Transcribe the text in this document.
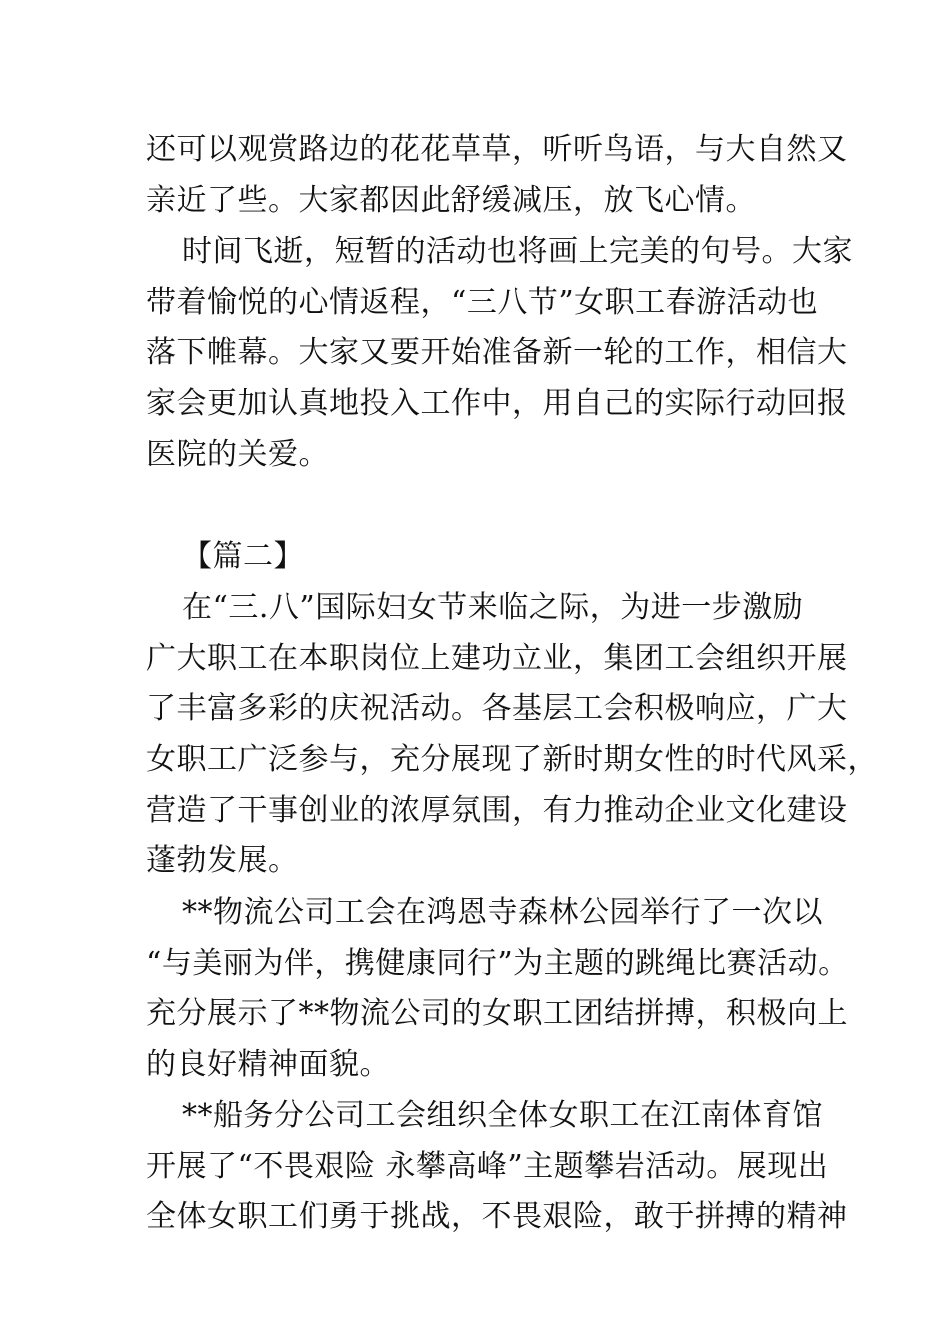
还可以观赏路边的花花草草，听听鸟语，与大自然又
亲近了些。大家都因此舒缓减压，放飞心情。
时间飞逝，短暂的活动也将画上完美的句号。大家
带着愉悦的心情返程，“三八节”女职工春游活动也
落下帷幕。大家又要开始准备新一轮的工作，相信大
家会更加认真地投入工作中，用自己的实际行动回报
医院的关爱。
【篇二】
在“三.八”国际妇女节来临之际，为进一步激励
广大职工在本职岗位上建功立业，集团工会组织开展
了丰富多彩的庆祝活动。各基层工会积极响应，广大
女职工广泛参与，充分展现了新时期女性的时代风采，
营造了干事创业的浓厚氛围，有力推动企业文化建设
蓬勃发展。
**物流公司工会在鸿恩寺森林公园举行了一次以
“与美丽为伴，携健康同行”为主题的跳绳比赛活动。
充分展示了**物流公司的女职工团结拼搏，积极向上
的良好精神面貌。
**船务分公司工会组织全体女职工在江南体育馆
开展了“不畏艰险 永攀高峰”主题攀岩活动。展现出
全体女职工们勇于挑战，不畏艰险，敢于拼搏的精神
